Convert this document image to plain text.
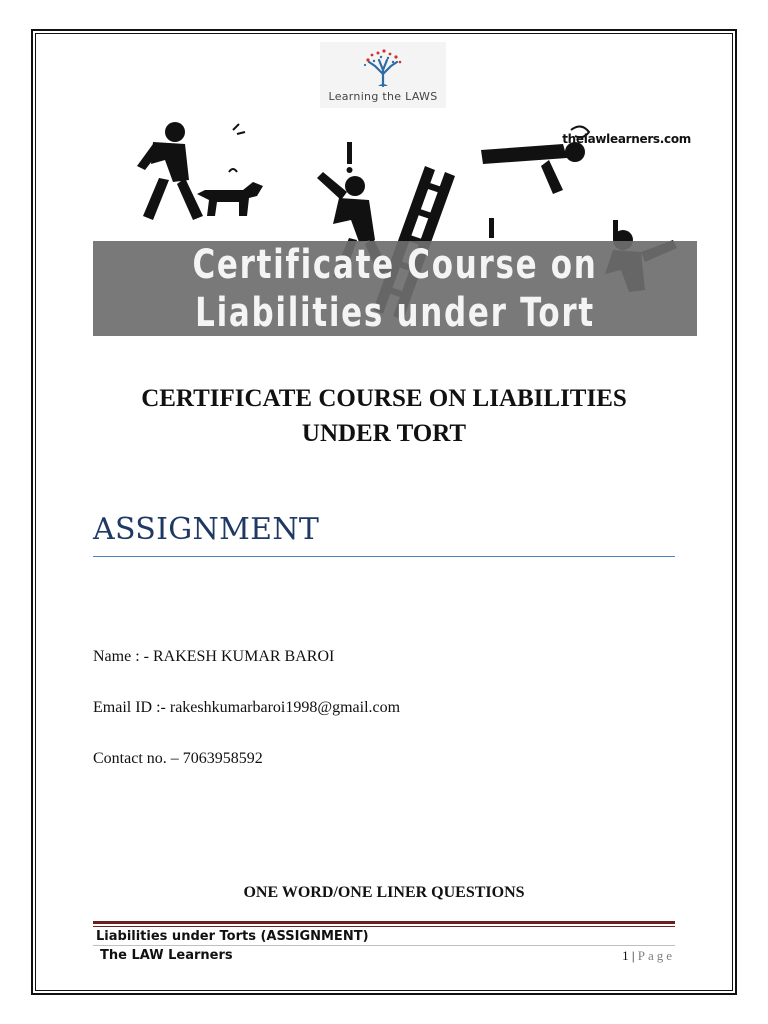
Learning the LAWS
thelawlearners.com
Certificate Course on
Liabilities under Tort
CERTIFICATE COURSE ON LIABILITIES
UNDER TORT
ASSIGNMENT
Name : - RAKESH KUMAR BAROI
Email ID :- rakeshkumarbaroi1998@gmail.com
Contact no. – 7063958592
ONE WORD/ONE LINER QUESTIONS
Liabilities under Torts (ASSIGNMENT)
The LAW Learners	1 | Page
